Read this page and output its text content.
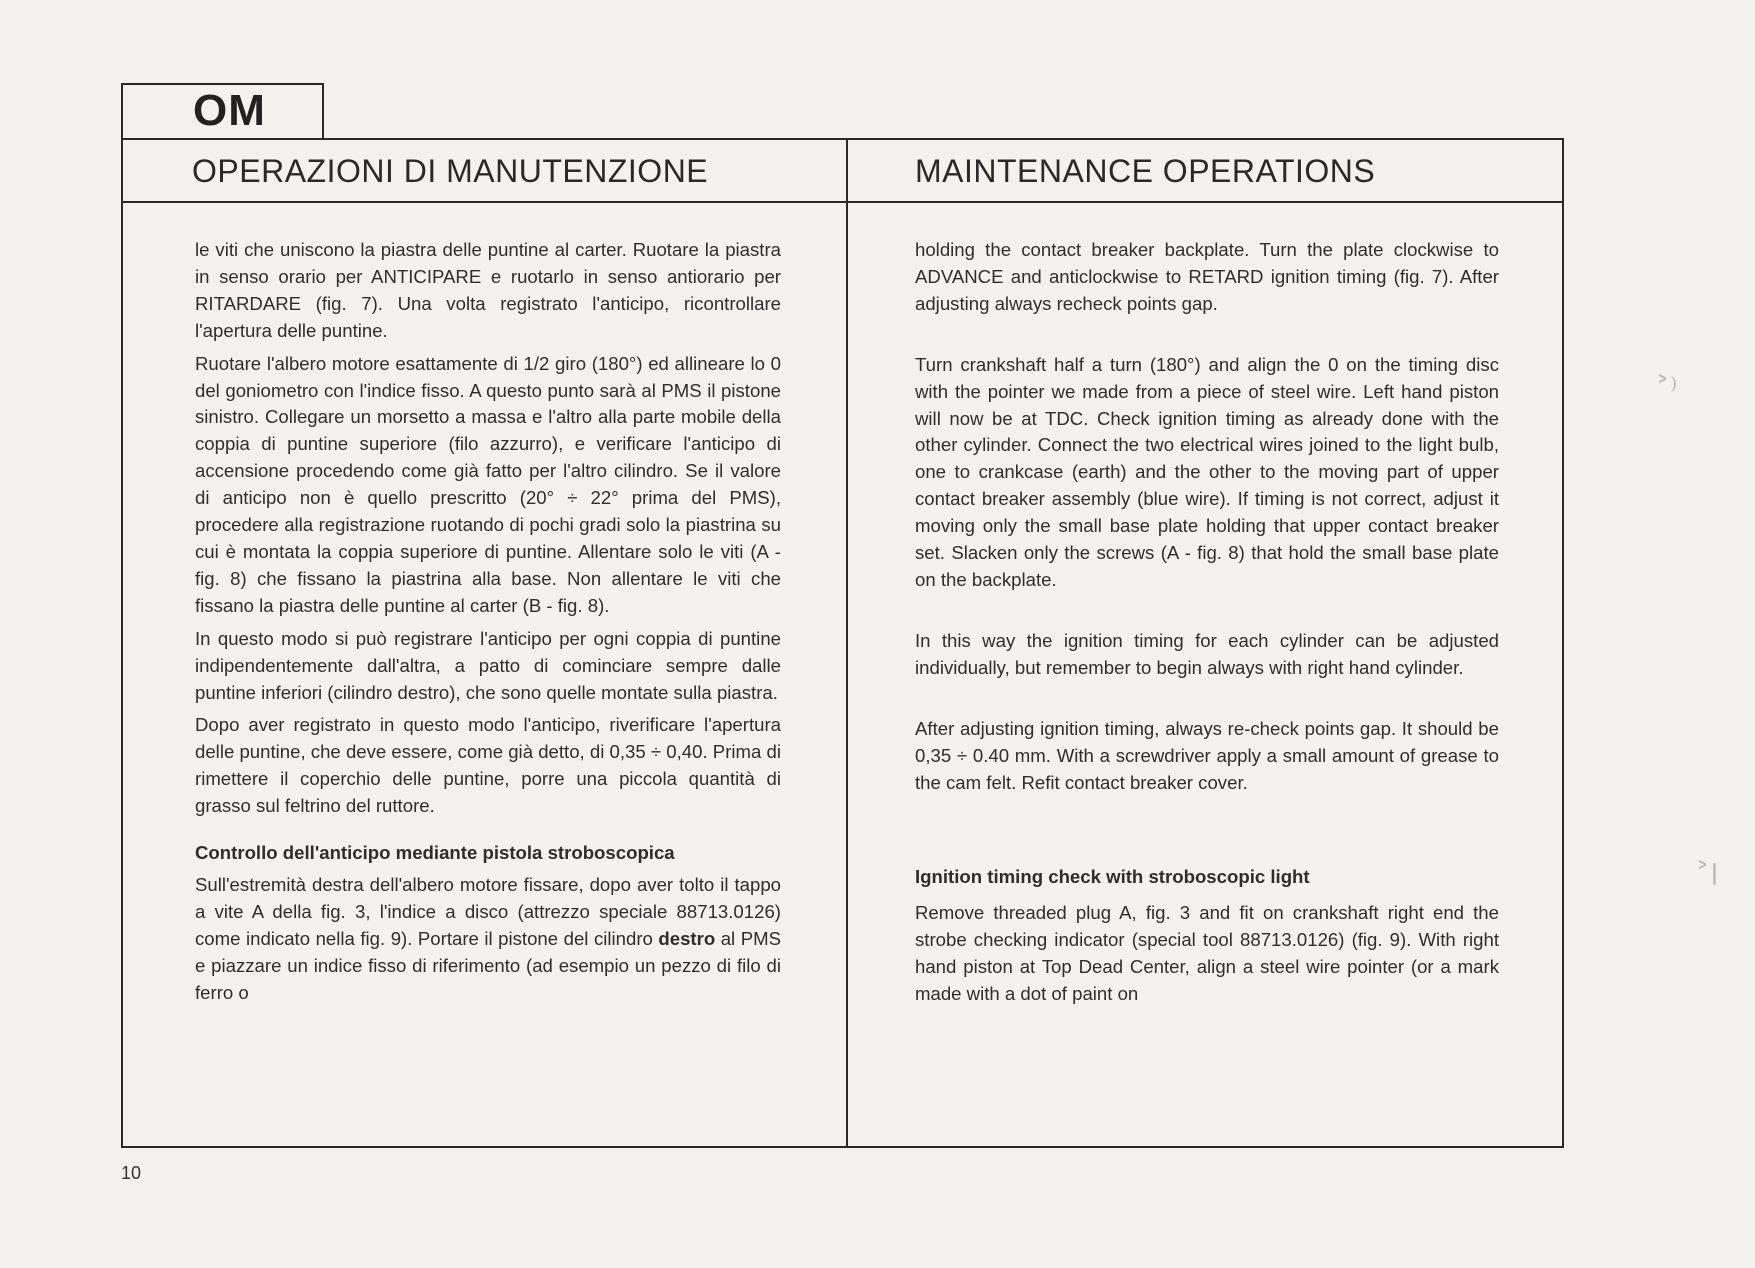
OM
OPERAZIONI DI MANUTENZIONE	MAINTENANCE OPERATIONS

le viti che uniscono la piastra delle puntine al carter. Ruotare la piastra in senso orario per ANTICIPARE e ruotarlo in senso antiorario per RITARDARE (fig. 7). Una volta registrato l'anticipo, ricontrollare l'apertura delle puntine.

Ruotare l'albero motore esattamente di 1/2 giro (180°) ed allineare lo 0 del goniometro con l'indice fisso. A questo punto sarà al PMS il pistone sinistro. Collegare un morsetto a massa e l'altro alla parte mobile della coppia di puntine superiore (filo azzurro), e verificare l'anticipo di accensione procedendo come già fatto per l'altro cilindro. Se il valore di anticipo non è quello prescritto (20° ÷ 22° prima del PMS), procedere alla registrazione ruotando di pochi gradi solo la piastrina su cui è montata la coppia superiore di puntine. Allentare solo le viti (A - fig. 8) che fissano la piastrina alla base. Non allentare le viti che fissano la piastra delle puntine al carter (B - fig. 8).

In questo modo si può registrare l'anticipo per ogni coppia di puntine indipendentemente dall'altra, a patto di cominciare sempre dalle puntine inferiori (cilindro destro), che sono quelle montate sulla piastra.

Dopo aver registrato in questo modo l'anticipo, riverificare l'apertura delle puntine, che deve essere, come già detto, di 0,35 ÷ 0,40. Prima di rimettere il coperchio delle puntine, porre una piccola quantità di grasso sul feltrino del ruttore.

Controllo dell'anticipo mediante pistola stroboscopica

Sull'estremità destra dell'albero motore fissare, dopo aver tolto il tappo a vite A della fig. 3, l'indice a disco (attrezzo speciale 88713.0126) come indicato nella fig. 9). Portare il pistone del cilindro destro al PMS e piazzare un indice fisso di riferimento (ad esempio un pezzo di filo di ferro o

holding the contact breaker backplate. Turn the plate clockwise to ADVANCE and anticlockwise to RETARD ignition timing (fig. 7). After adjusting always recheck points gap.

Turn crankshaft half a turn (180°) and align the 0 on the timing disc with the pointer we made from a piece of steel wire. Left hand piston will now be at TDC. Check ignition timing as already done with the other cylinder. Connect the two electrical wires joined to the light bulb, one to crankcase (earth) and the other to the moving part of upper contact breaker assembly (blue wire). If timing is not correct, adjust it moving only the small base plate holding that upper contact breaker set. Slacken only the screws (A - fig. 8) that hold the small base plate on the backplate.

In this way the ignition timing for each cylinder can be adjusted individually, but remember to begin always with right hand cylinder.

After adjusting ignition timing, always re-check points gap. It should be 0,35 ÷ 0.40 mm. With a screwdriver apply a small amount of grease to the cam felt. Refit contact breaker cover.

Ignition timing check with stroboscopic light

Remove threaded plug A, fig. 3 and fit on crankshaft right end the strobe checking indicator (special tool 88713.0126) (fig. 9). With right hand piston at Top Dead Center, align a steel wire pointer (or a mark made with a dot of paint on

10
˃⁾
˃ǀ
